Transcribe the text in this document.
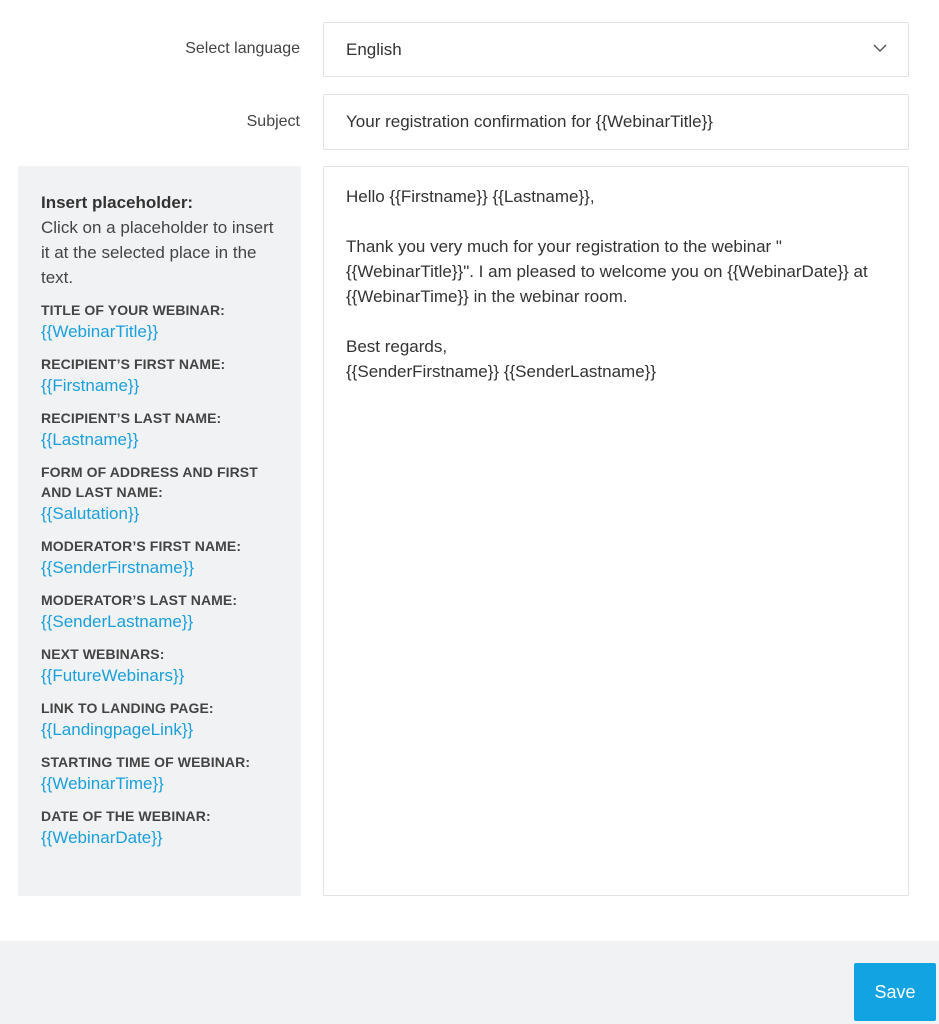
Select language	English
Subject	Your registration confirmation for {{WebinarTitle}}
Insert placeholder:
Click on a placeholder to insert it at the selected place in the text.
TITLE OF YOUR WEBINAR:
{{WebinarTitle}}
RECIPIENT’S FIRST NAME:
{{Firstname}}
RECIPIENT’S LAST NAME:
{{Lastname}}
FORM OF ADDRESS AND FIRST AND LAST NAME:
{{Salutation}}
MODERATOR’S FIRST NAME:
{{SenderFirstname}}
MODERATOR’S LAST NAME:
{{SenderLastname}}
NEXT WEBINARS:
{{FutureWebinars}}
LINK TO LANDING PAGE:
{{LandingpageLink}}
STARTING TIME OF WEBINAR:
{{WebinarTime}}
DATE OF THE WEBINAR:
{{WebinarDate}}

Hello {{Firstname}} {{Lastname}},

Thank you very much for your registration to the webinar "{{WebinarTitle}}". I am pleased to welcome you on {{WebinarDate}} at {{WebinarTime}} in the webinar room.

Best regards,

{{SenderFirstname}} {{SenderLastname}}

Save
